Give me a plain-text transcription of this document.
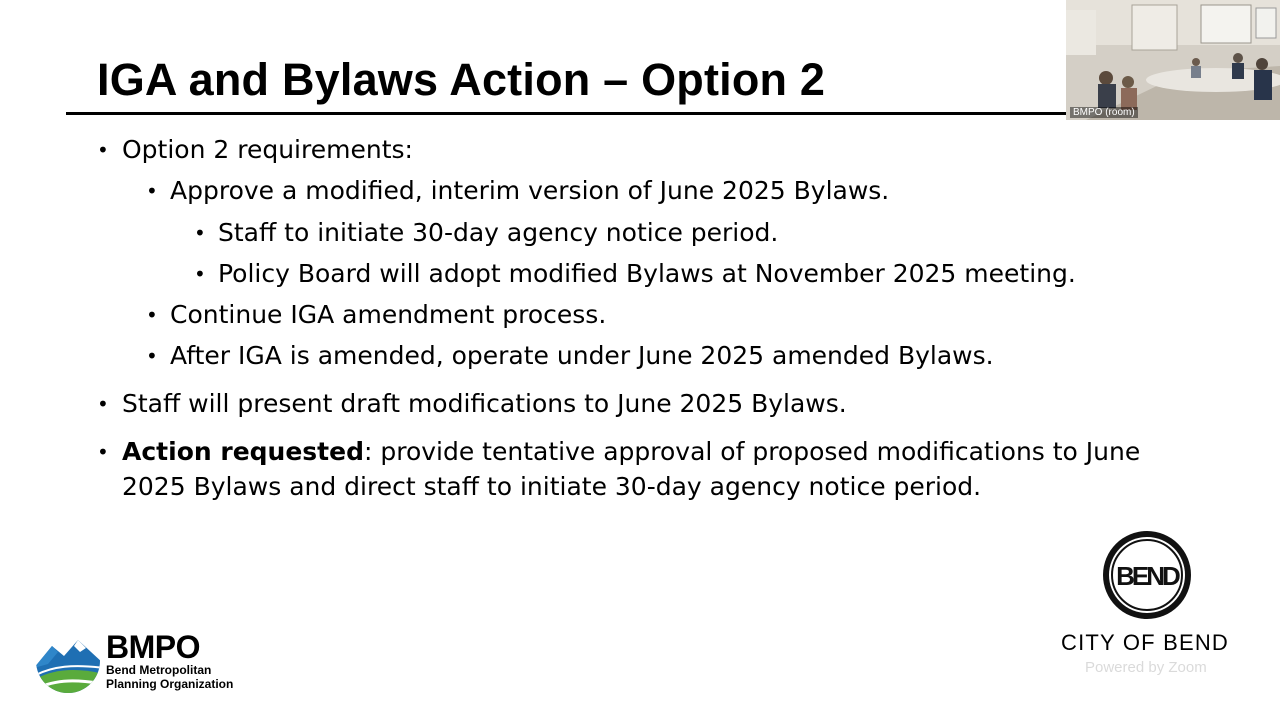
BMPO (room)
IGA and Bylaws Action – Option 2
• Option 2 requirements:
• Approve a modified, interim version of June 2025 Bylaws.
• Staff to initiate 30-day agency notice period.
• Policy Board will adopt modified Bylaws at November 2025 meeting.
• Continue IGA amendment process.
• After IGA is amended, operate under June 2025 amended Bylaws.
• Staff will present draft modifications to June 2025 Bylaws.
• Action requested: provide tentative approval of proposed modifications to June
2025 Bylaws and direct staff to initiate 30-day agency notice period.
BMPO
Bend Metropolitan
Planning Organization
BEND
CITY OF BEND
Powered by Zoom
